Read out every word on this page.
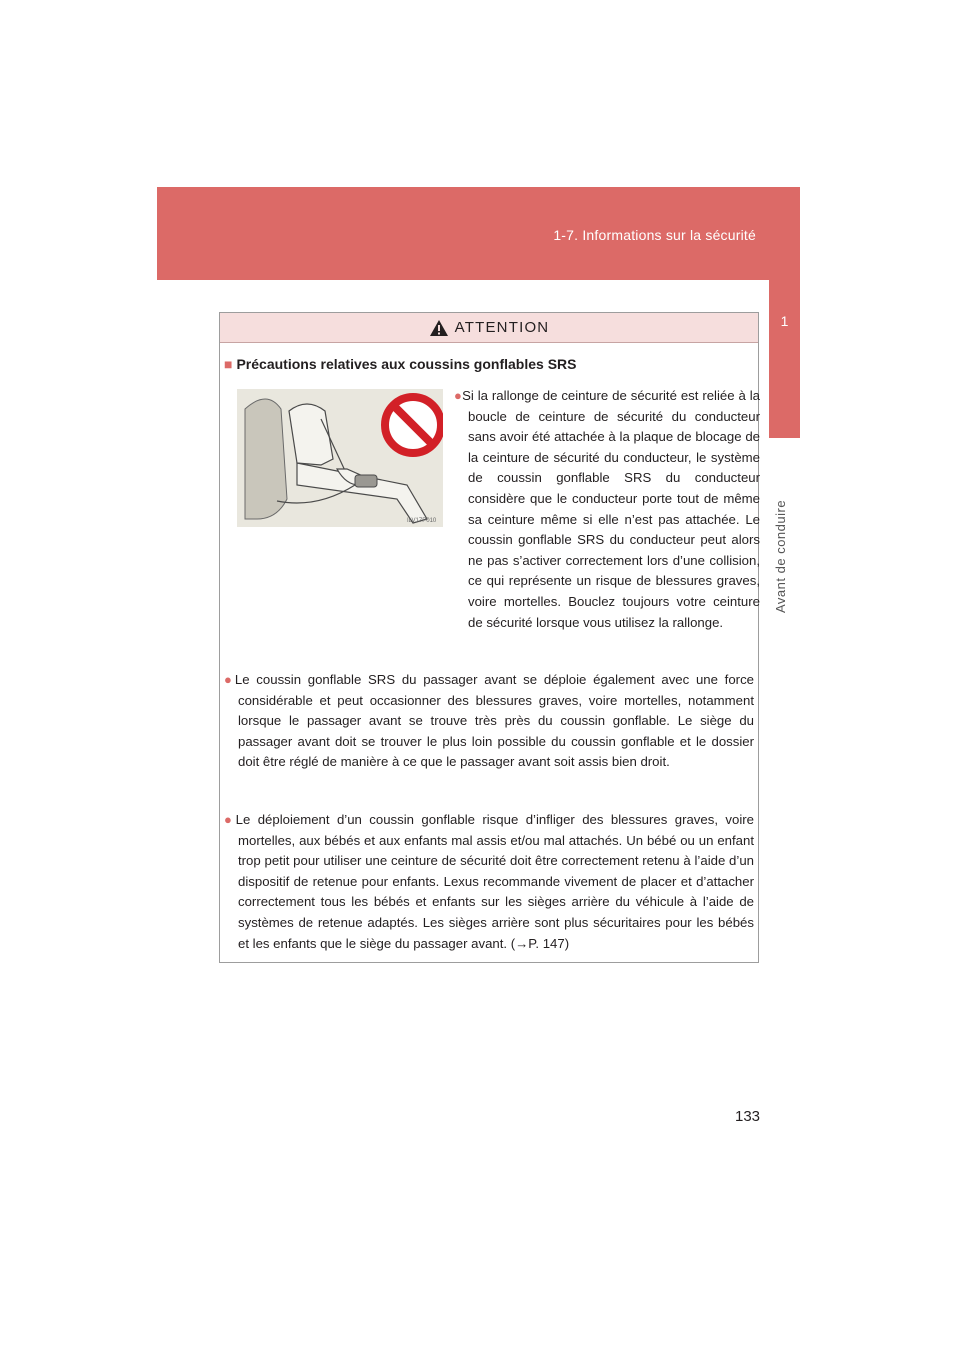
1-7. Informations sur la sécurité
1
Avant de conduire
ATTENTION
■ Précautions relatives aux coussins gonflables SRS
ILV17P010
●Si la rallonge de ceinture de sécurité est reliée à la boucle de ceinture de sécurité du conducteur sans avoir été attachée à la plaque de blocage de la ceinture de sécurité du conducteur, le système de coussin gonflable SRS du conducteur considère que le conducteur porte tout de même sa ceinture même si elle n’est pas attachée. Le coussin gonflable SRS du conducteur peut alors ne pas s’activer correctement lors d’une collision, ce qui représente un risque de blessures graves, voire mortelles. Bouclez toujours votre ceinture de sécurité lorsque vous utilisez la rallonge.
●Le coussin gonflable SRS du passager avant se déploie également avec une force considérable et peut occasionner des blessures graves, voire mortelles, notamment lorsque le passager avant se trouve très près du coussin gonflable. Le siège du passager avant doit se trouver le plus loin possible du coussin gonflable et le dossier doit être réglé de manière à ce que le passager avant soit assis bien droit.
●Le déploiement d’un coussin gonflable risque d’infliger des blessures graves, voire mortelles, aux bébés et aux enfants mal assis et/ou mal attachés. Un bébé ou un enfant trop petit pour utiliser une ceinture de sécurité doit être correctement retenu à l’aide d’un dispositif de retenue pour enfants. Lexus recommande vivement de placer et d’attacher correctement tous les bébés et enfants sur les sièges arrière du véhicule à l’aide de systèmes de retenue adaptés. Les sièges arrière sont plus sécuritaires pour les bébés et les enfants que le siège du passager avant. (→P. 147)
133
